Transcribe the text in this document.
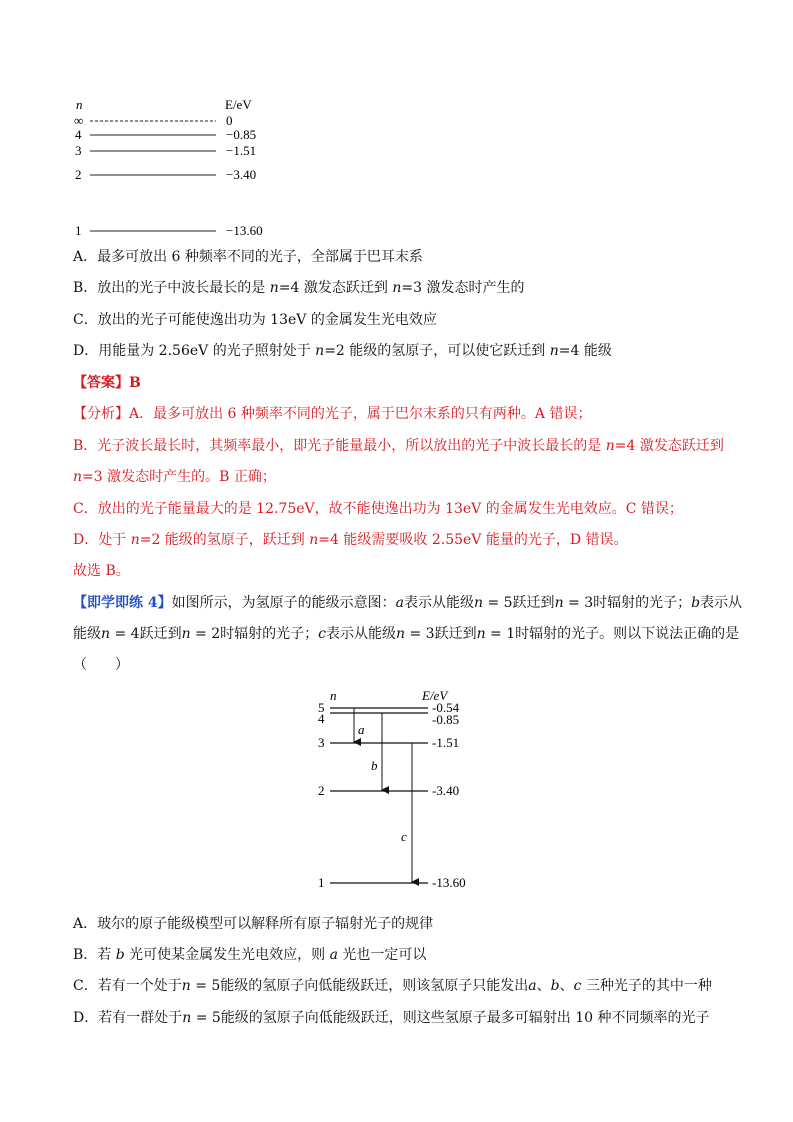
n	E/eV
∞	0
4	−0.85
3	−1.51
2	−3.40
1	−13.60
A．最多可放出 6 种频率不同的光子，全部属于巴耳末系
B．放出的光子中波长最长的是 n=4 激发态跃迁到 n=3 激发态时产生的
C．放出的光子可能使逸出功为 13eV 的金属发生光电效应
D．用能量为 2.56eV 的光子照射处于 n=2 能级的氢原子，可以使它跃迁到 n=4 能级
【答案】B
【分析】A．最多可放出 6 种频率不同的光子，属于巴尔末系的只有两种。A 错误；
B．光子波长最长时，其频率最小，即光子能量最小，所以放出的光子中波长最长的是 n=4 激发态跃迁到
n=3 激发态时产生的。B 正确；
C．放出的光子能量最大的是 12.75eV，故不能使逸出功为 13eV 的金属发生光电效应。C 错误；
D．处于 n=2 能级的氢原子，跃迁到 n=4 能级需要吸收 2.55eV 能量的光子，D 错误。
故选 B。
【即学即练 4】如图所示，为氢原子的能级示意图：a表示从能级n = 5跃迁到n = 3时辐射的光子；b表示从
能级n = 4跃迁到n = 2时辐射的光子；c表示从能级n = 3跃迁到n = 1时辐射的光子。则以下说法正确的是
（　　）
n	E/eV
5	-0.54
4	-0.85
3	-1.51
2	-3.40
1	-13.60
a
b
c
A．玻尔的原子能级模型可以解释所有原子辐射光子的规律
B．若 b 光可使某金属发生光电效应，则 a 光也一定可以
C．若有一个处于n = 5能级的氢原子向低能级跃迁，则该氢原子只能发出a、b、c 三种光子的其中一种
D．若有一群处于n = 5能级的氢原子向低能级跃迁，则这些氢原子最多可辐射出 10 种不同频率的光子
